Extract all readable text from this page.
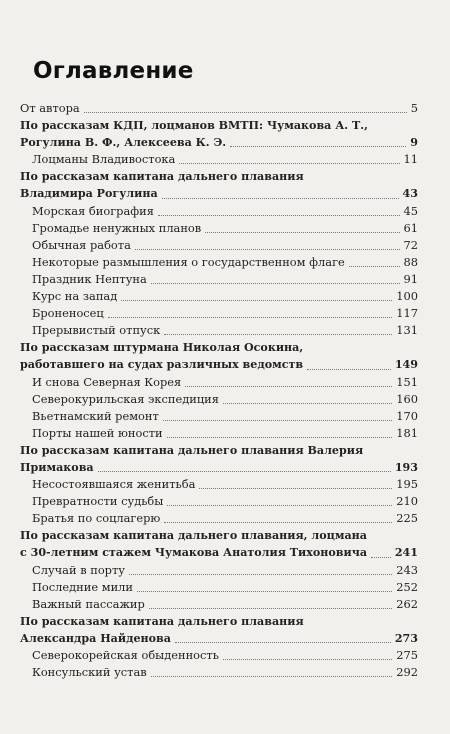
Оглавление
От автора	5
По рассказам КДП, лоцманов ВМТП: Чумакова А. Т.,
Рогулина В. Ф., Алексеева К. Э.	9
Лоцманы Владивостока	11
По рассказам капитана дальнего плавания
Владимира Рогулина	43
Морская биография	45
Громадье ненужных планов	61
Обычная работа	72
Некоторые размышления о государственном флаге	88
Праздник Нептуна	91
Курс на запад	100
Броненосец	117
Прерывистый отпуск	131
По рассказам штурмана Николая Осокина,
работавшего на судах различных ведомств	149
И снова Северная Корея	151
Северокурильская экспедиция	160
Вьетнамский ремонт	170
Порты нашей юности	181
По рассказам капитана дальнего плавания Валерия
Примакова	193
Несостоявшаяся женитьба	195
Превратности судьбы	210
Братья по соцлагерю	225
По рассказам капитана дальнего плавания, лоцмана
с 30-летним стажем Чумакова Анатолия Тихоновича	241
Случай в порту	243
Последние мили	252
Важный пассажир	262
По рассказам капитана дальнего плавания
Александра Найденова	273
Северокорейская обыденность	275
Консульский устав	292
